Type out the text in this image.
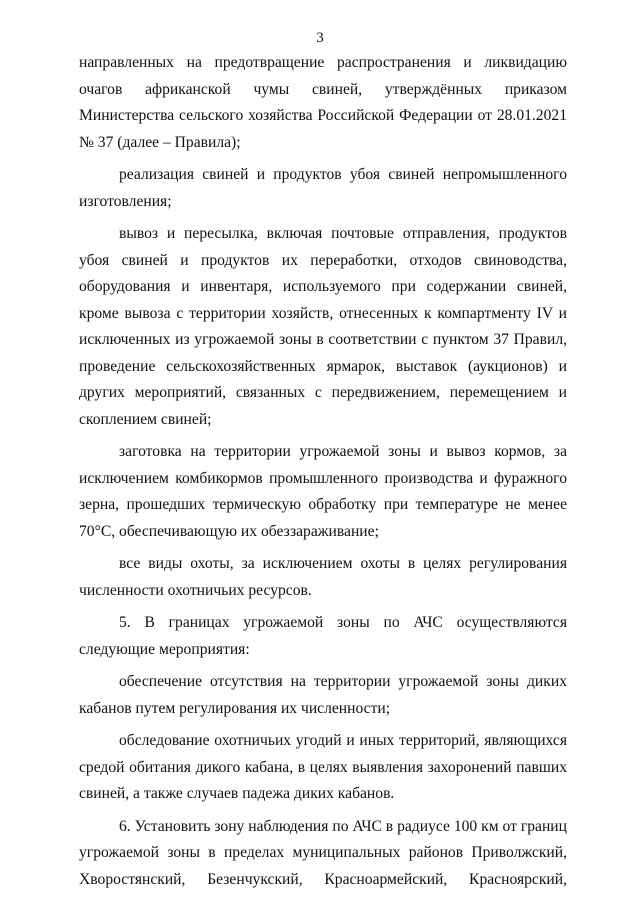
3

направленных на предотвращение распространения и ликвидацию очагов африканской чумы свиней, утверждённых приказом Министерства сельского хозяйства Российской Федерации от 28.01.2021 № 37 (далее – Правила);

реализация свиней и продуктов убоя свиней непромышленного изготовления;

вывоз и пересылка, включая почтовые отправления, продуктов убоя свиней и продуктов их переработки, отходов свиноводства, оборудования и инвентаря, используемого при содержании свиней, кроме вывоза с территории хозяйств, отнесенных к компартменту IV и исключенных из угрожаемой зоны в соответствии с пунктом 37 Правил, проведение сельскохозяйственных ярмарок, выставок (аукционов) и других мероприятий, связанных с передвижением, перемещением и скоплением свиней;

заготовка на территории угрожаемой зоны и вывоз кормов, за исключением комбикормов промышленного производства и фуражного зерна, прошедших термическую обработку при температуре не менее 70°С, обеспечивающую их обеззараживание;

все виды охоты, за исключением охоты в целях регулирования численности охотничьих ресурсов.

5. В границах угрожаемой зоны по АЧС осуществляются следующие мероприятия:

обеспечение отсутствия на территории угрожаемой зоны диких кабанов путем регулирования их численности;

обследование охотничьих угодий и иных территорий, являющихся средой обитания дикого кабана, в целях выявления захоронений павших свиней, а также случаев падежа диких кабанов.

6. Установить зону наблюдения по АЧС в радиусе 100 км от границ угрожаемой зоны в пределах муниципальных районов Приволжский, Хворостянский, Безенчукский, Красноармейский, Красноярский,
